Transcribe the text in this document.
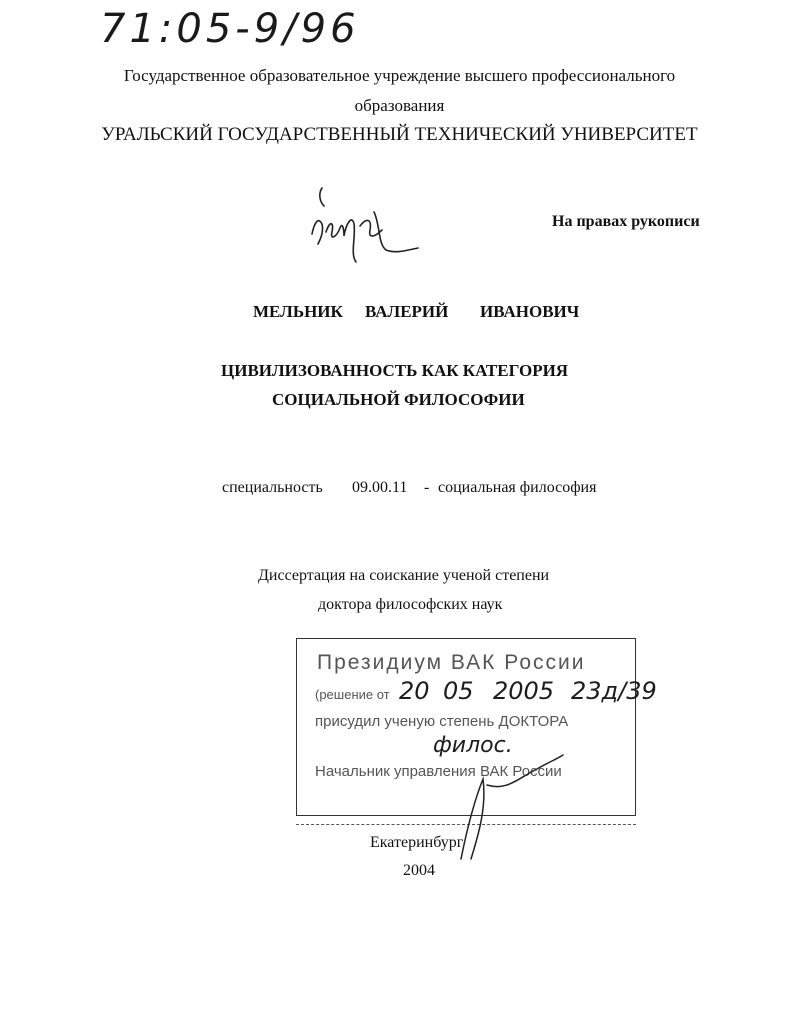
71:05-9/96
Государственное образовательное учреждение высшего профессионального
образования
УРАЛЬСКИЙ ГОСУДАРСТВЕННЫЙ ТЕХНИЧЕСКИЙ УНИВЕРСИТЕТ
На правах рукописи
МЕЛЬНИК ВАЛЕРИЙ ИВАНОВИЧ
ЦИВИЛИЗОВАННОСТЬ КАК КАТЕГОРИЯ
СОЦИАЛЬНОЙ ФИЛОСОФИИ
специальность 09.00.11 - социальная философия
Диссертация на соискание ученой степени
доктора философских наук
Президиум ВАК России
(решение от 20 05 2005 23д/39
присудил ученую степень ДОКТОРА
филос.
Начальник управления ВАК России
Екатеринбург
2004
